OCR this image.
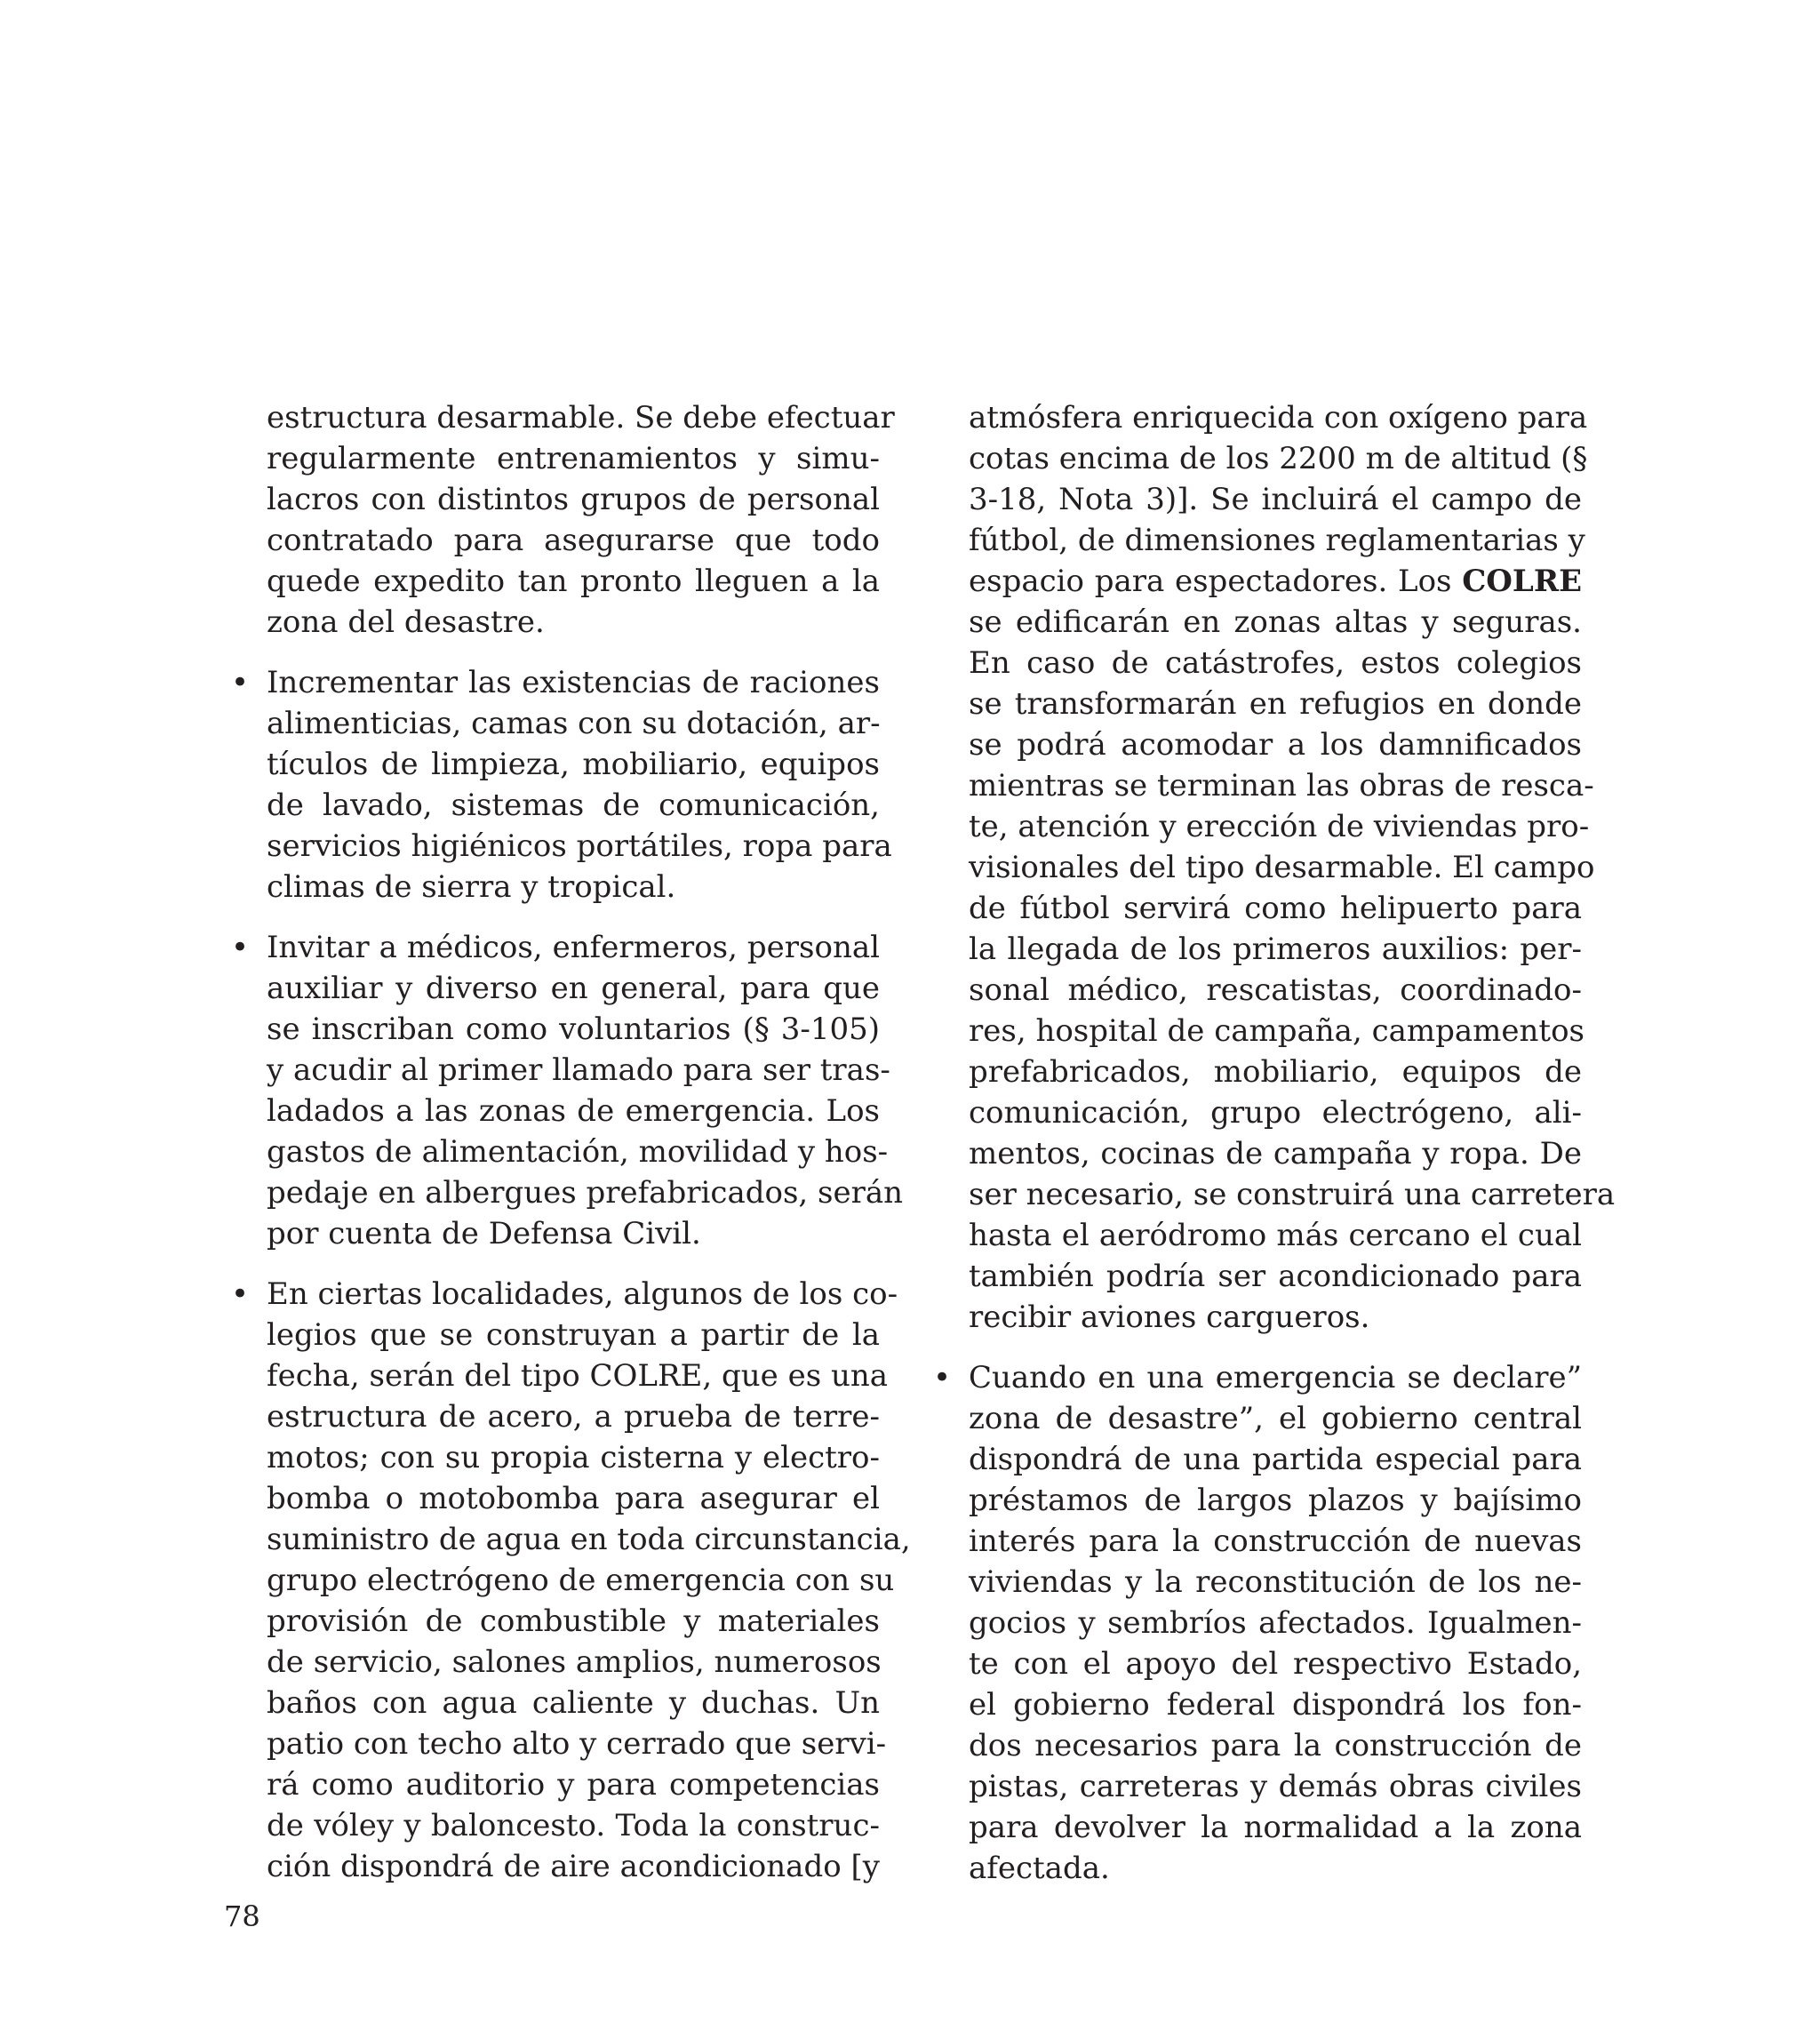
estructura desarmable. Se debe efectuar
regularmente entrenamientos y simu-
lacros con distintos grupos de personal
contratado para asegurarse que todo
quede expedito tan pronto lleguen a la
zona del desastre.
• Incrementar las existencias de raciones
alimenticias, camas con su dotación, ar-
tículos de limpieza, mobiliario, equipos
de lavado, sistemas de comunicación,
servicios higiénicos portátiles, ropa para
climas de sierra y tropical.
• Invitar a médicos, enfermeros, personal
auxiliar y diverso en general, para que
se inscriban como voluntarios (§ 3-105)
y acudir al primer llamado para ser tras-
ladados a las zonas de emergencia. Los
gastos de alimentación, movilidad y hos-
pedaje en albergues prefabricados, serán
por cuenta de Defensa Civil.
• En ciertas localidades, algunos de los co-
legios que se construyan a partir de la
fecha, serán del tipo COLRE, que es una
estructura de acero, a prueba de terre-
motos; con su propia cisterna y electro-
bomba o motobomba para asegurar el
suministro de agua en toda circunstancia,
grupo electrógeno de emergencia con su
provisión de combustible y materiales
de servicio, salones amplios, numerosos
baños con agua caliente y duchas. Un
patio con techo alto y cerrado que servi-
rá como auditorio y para competencias
de vóley y baloncesto. Toda la construc-
ción dispondrá de aire acondicionado [y
atmósfera enriquecida con oxígeno para
cotas encima de los 2200 m de altitud (§
3-18, Nota 3)]. Se incluirá el campo de
fútbol, de dimensiones reglamentarias y
espacio para espectadores. Los COLRE
se edificarán en zonas altas y seguras.
En caso de catástrofes, estos colegios
se transformarán en refugios en donde
se podrá acomodar a los damnificados
mientras se terminan las obras de resca-
te, atención y erección de viviendas pro-
visionales del tipo desarmable. El campo
de fútbol servirá como helipuerto para
la llegada de los primeros auxilios: per-
sonal médico, rescatistas, coordinado-
res, hospital de campaña, campamentos
prefabricados, mobiliario, equipos de
comunicación, grupo electrógeno, ali-
mentos, cocinas de campaña y ropa. De
ser necesario, se construirá una carretera
hasta el aeródromo más cercano el cual
también podría ser acondicionado para
recibir aviones cargueros.
• Cuando en una emergencia se declare”
zona de desastre”, el gobierno central
dispondrá de una partida especial para
préstamos de largos plazos y bajísimo
interés para la construcción de nuevas
viviendas y la reconstitución de los ne-
gocios y sembríos afectados. Igualmen-
te con el apoyo del respectivo Estado,
el gobierno federal dispondrá los fon-
dos necesarios para la construcción de
pistas, carreteras y demás obras civiles
para devolver la normalidad a la zona
afectada.
78
